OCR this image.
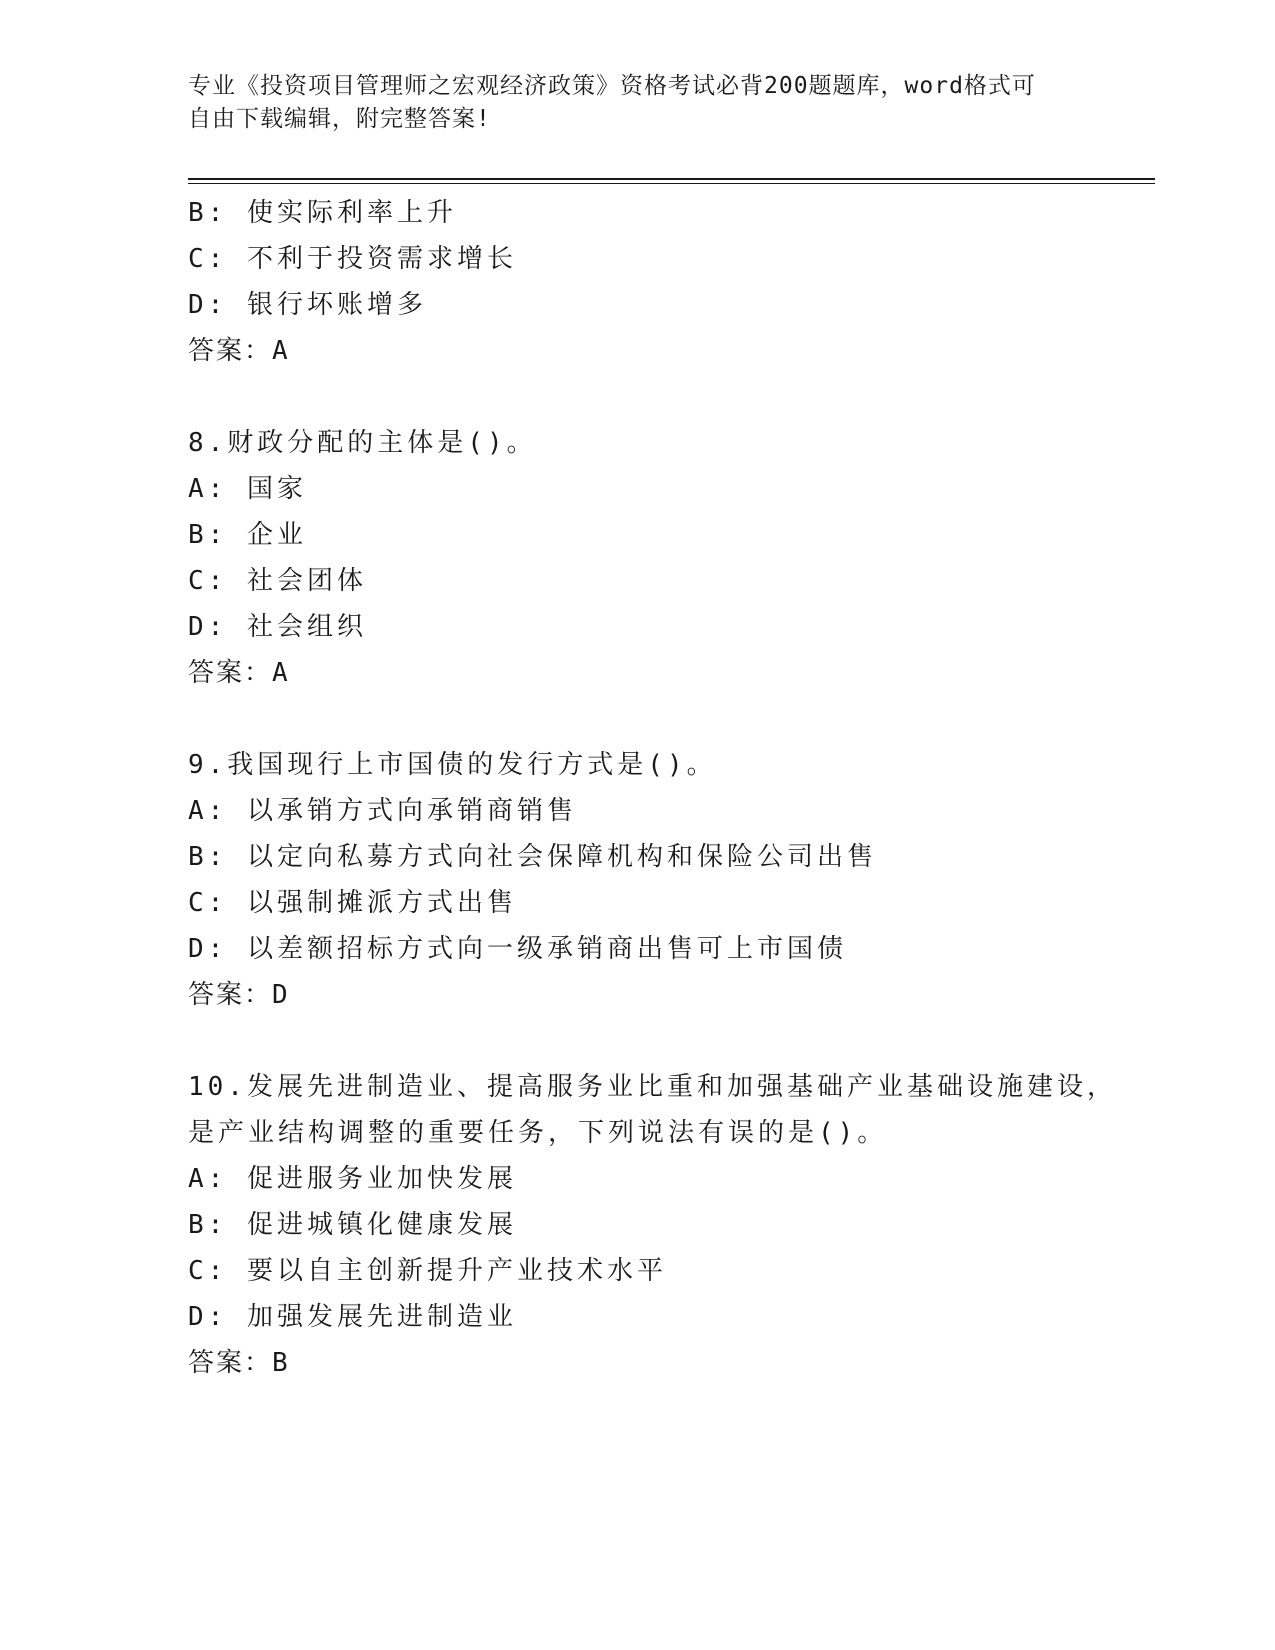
专业《投资项目管理师之宏观经济政策》资格考试必背200题题库，word格式可
自由下载编辑，附完整答案!
B: 使实际利率上升
C: 不利于投资需求增长
D: 银行坏账增多
答案：A
8.财政分配的主体是()。
A: 国家
B: 企业
C: 社会团体
D: 社会组织
答案：A
9.我国现行上市国债的发行方式是()。
A: 以承销方式向承销商销售
B: 以定向私募方式向社会保障机构和保险公司出售
C: 以强制摊派方式出售
D: 以差额招标方式向一级承销商出售可上市国债
答案：D
10.发展先进制造业、提高服务业比重和加强基础产业基础设施建设，
是产业结构调整的重要任务，下列说法有误的是()。
A: 促进服务业加快发展
B: 促进城镇化健康发展
C: 要以自主创新提升产业技术水平
D: 加强发展先进制造业
答案：B
